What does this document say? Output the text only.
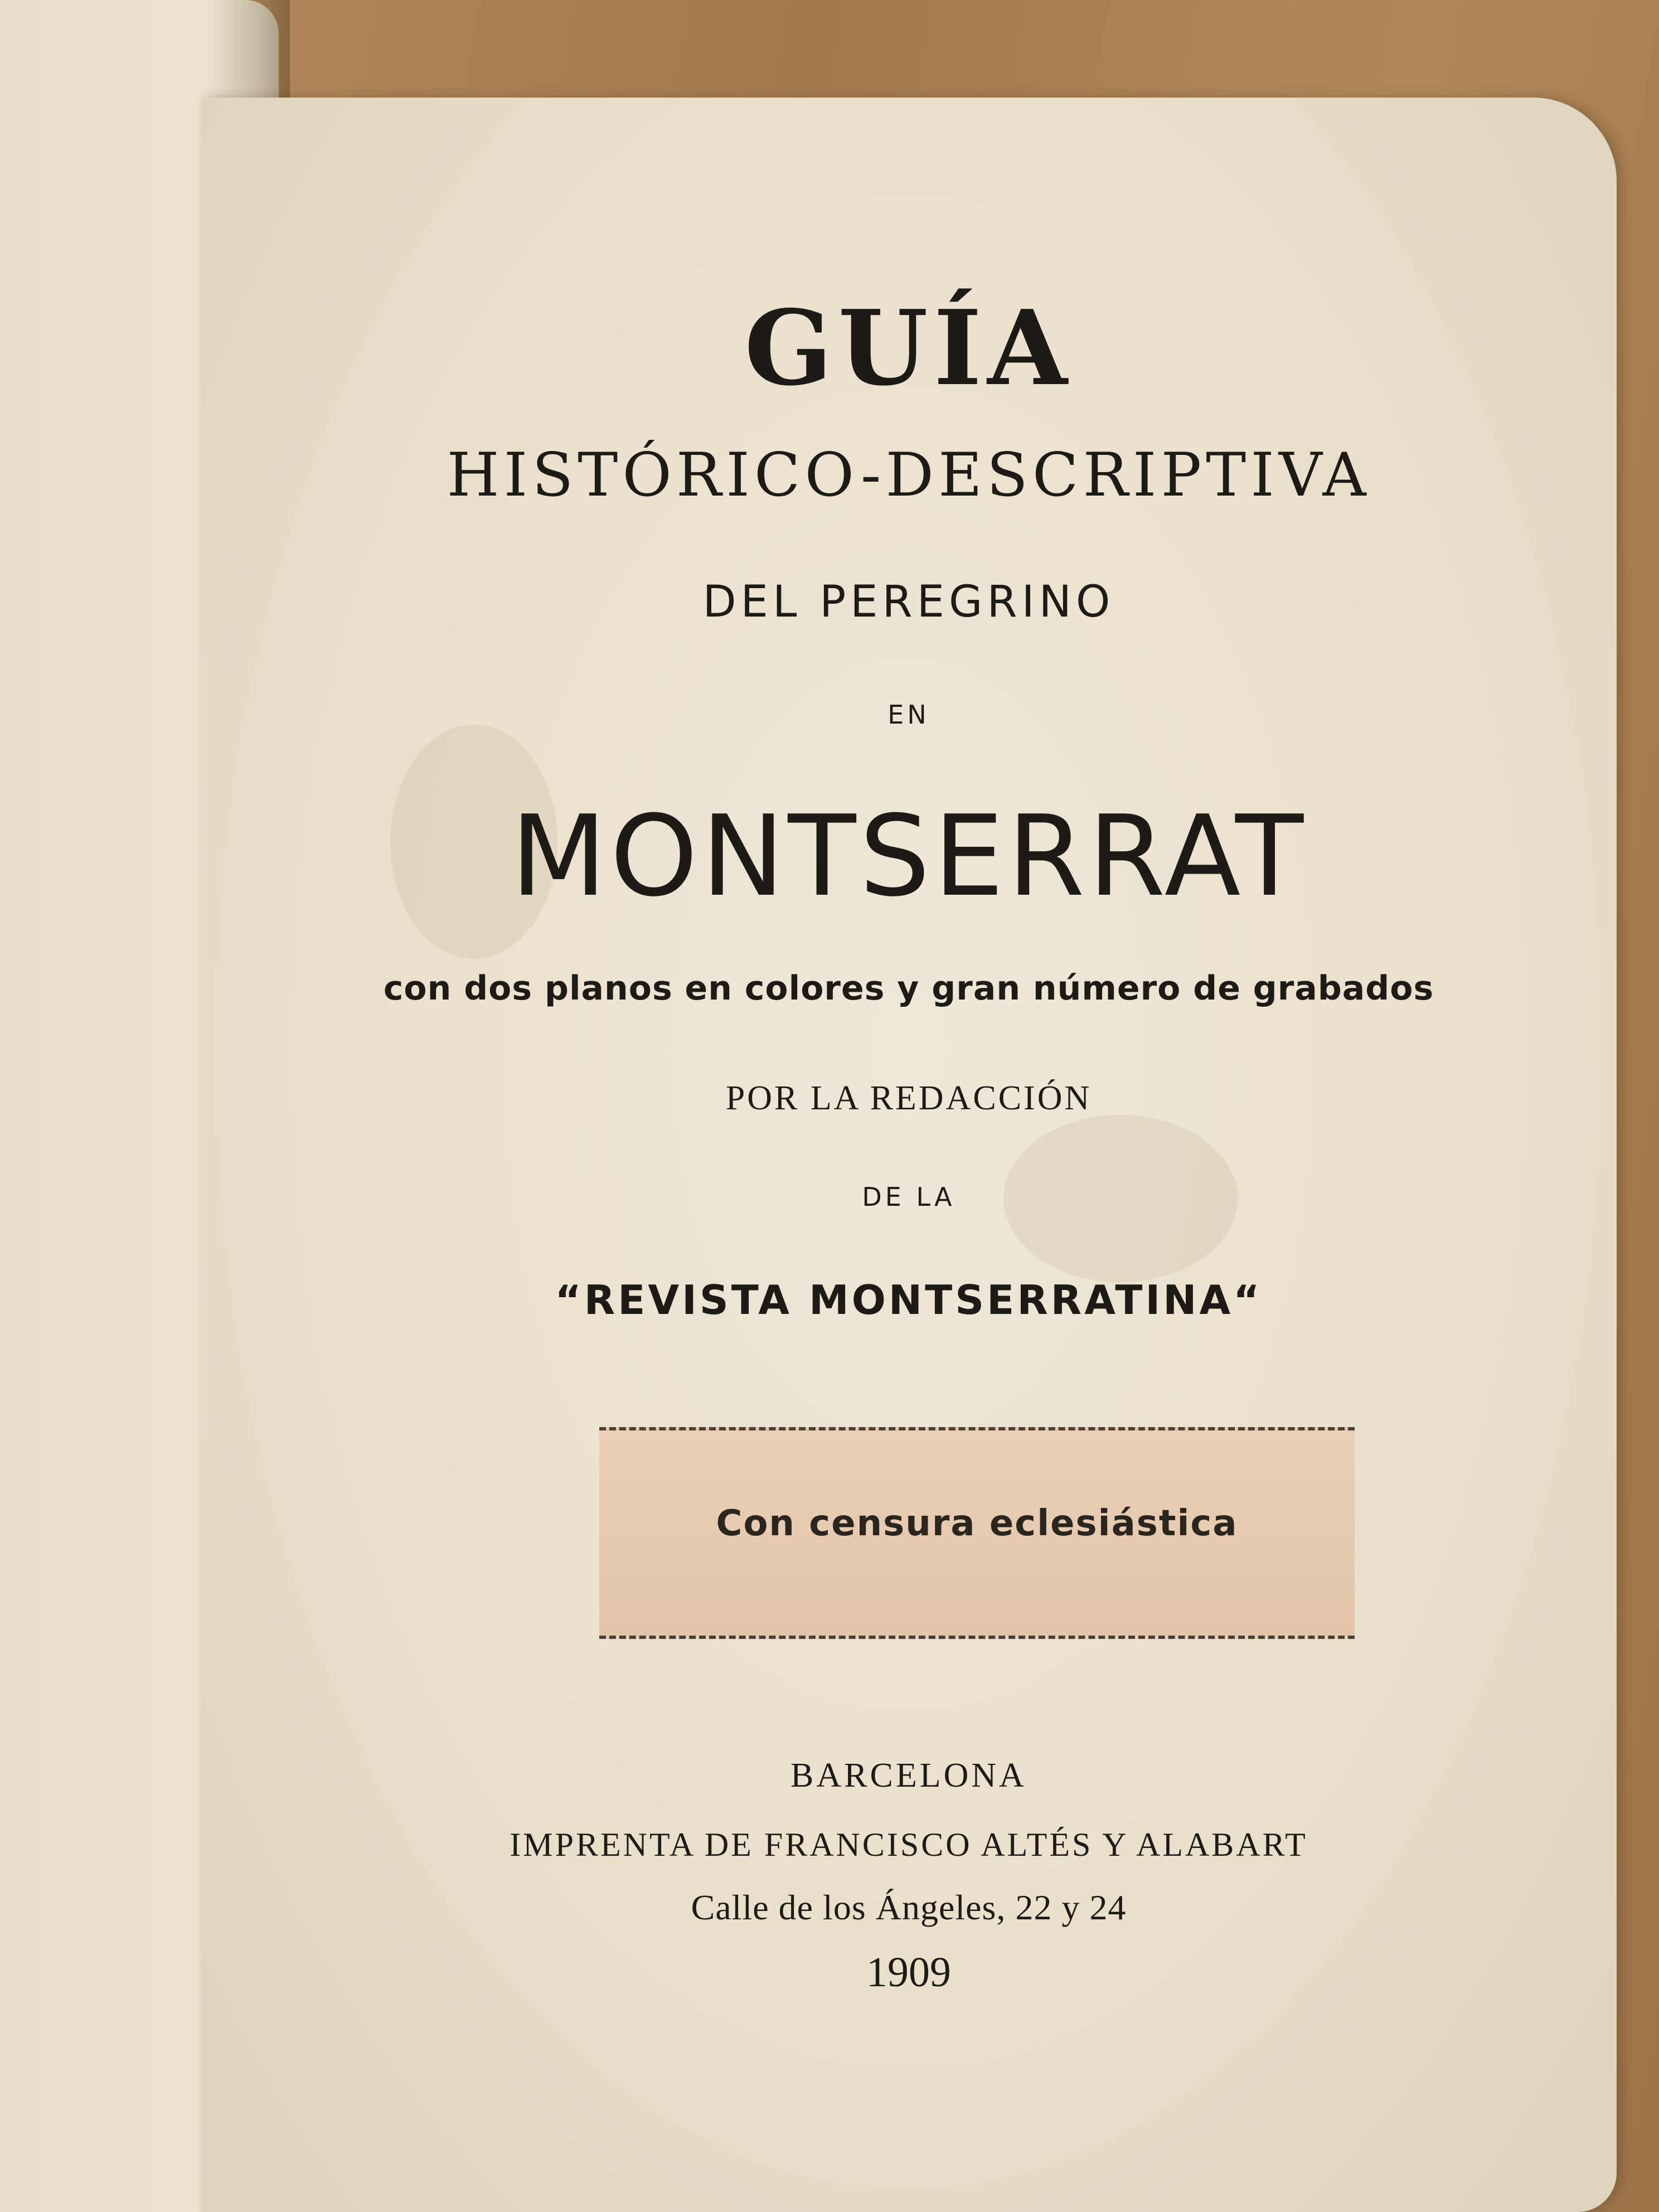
GUÍA

HISTÓRICO-DESCRIPTIVA

DEL PEREGRINO

EN

MONTSERRAT

con dos planos en colores y gran número de grabados

POR LA REDACCIÓN

DE LA

“REVISTA MONTSERRATINA“

Con censura eclesiástica

BARCELONA

IMPRENTA DE FRANCISCO ALTÉS Y ALABART

Calle de los Ángeles, 22 y 24

1909
